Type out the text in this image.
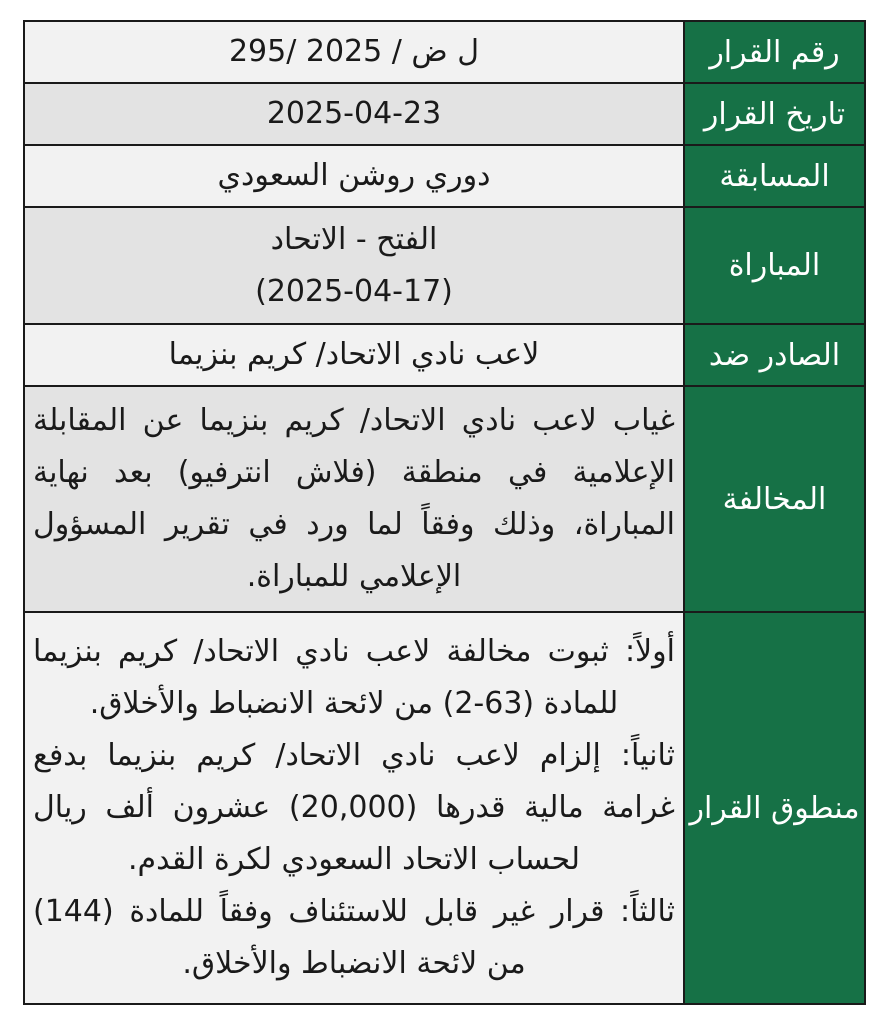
رقم القرار	295/ ل ض / 2025
تاريخ القرار	2025-04-23
المسابقة	دوري روشن السعودي
المباراة	الفتح - الاتحاد
(2025-04-17)

الصادر ضد	لاعب نادي الاتحاد/ كريم بنزيما
المخالفة	غياب لاعب نادي الاتحاد/ كريم بنزيما عن المقابلة الإعلامية في منطقة (فلاش انترفيو) بعد نهاية المباراة، وذلك وفقاً لما ورد في تقرير المسؤول الإعلامي للمباراة.
منطوق القرار	أولاً: ثبوت مخالفة لاعب نادي الاتحاد/ كريم بنزيما للمادة (63-2) من لائحة الانضباط والأخلاق.
ثانياً: إلزام لاعب نادي الاتحاد/ كريم بنزيما بدفع غرامة مالية قدرها (20,000) عشرون ألف ريال لحساب الاتحاد السعودي لكرة القدم.
ثالثاً: قرار غير قابل للاستئناف وفقاً للمادة (144) من لائحة الانضباط والأخلاق.
